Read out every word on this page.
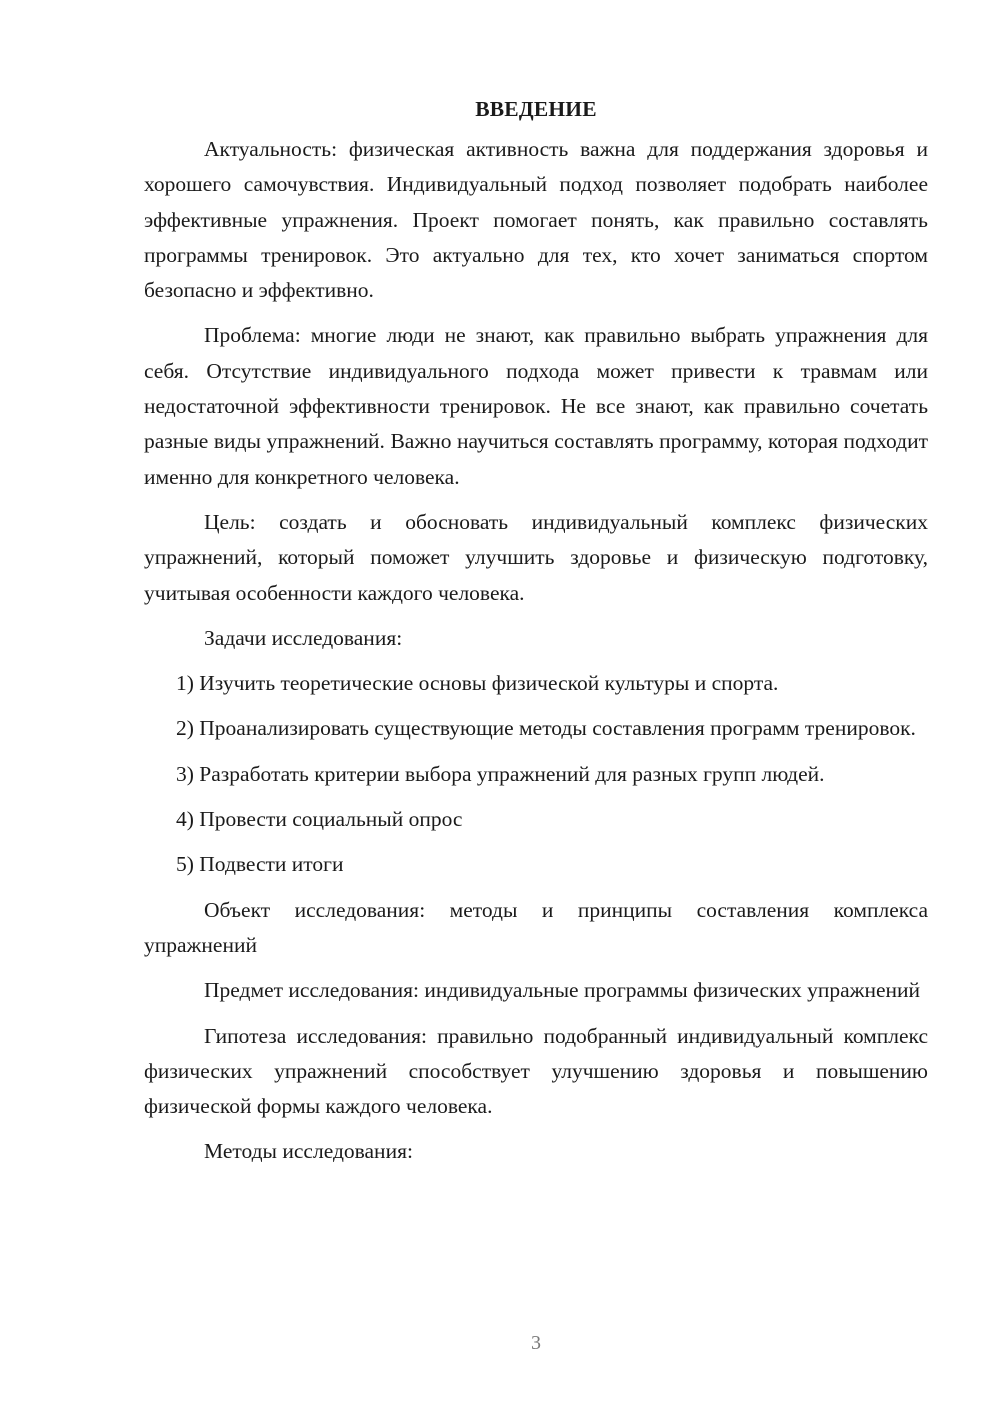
ВВЕДЕНИЕ

Актуальность: физическая активность важна для поддержания здоровья и хорошего самочувствия. Индивидуальный подход позволяет подобрать наиболее эффективные упражнения. Проект помогает понять, как правильно составлять программы тренировок. Это актуально для тех, кто хочет заниматься спортом безопасно и эффективно.

Проблема: многие люди не знают, как правильно выбрать упражнения для себя. Отсутствие индивидуального подхода может привести к травмам или недостаточной эффективности тренировок. Не все знают, как правильно сочетать разные виды упражнений. Важно научиться составлять программу, которая подходит именно для конкретного человека.

Цель: создать и обосновать индивидуальный комплекс физических упражнений, который поможет улучшить здоровье и физическую подготовку, учитывая особенности каждого человека.

Задачи исследования:

1) Изучить теоретические основы физической культуры и спорта.

2) Проанализировать существующие методы составления программ тренировок.

3) Разработать критерии выбора упражнений для разных групп людей.

4) Провести социальный опрос

5) Подвести итоги

Объект исследования: методы и принципы составления комплекса упражнений

Предмет исследования: индивидуальные программы физических упражнений

Гипотеза исследования: правильно подобранный индивидуальный комплекс физических упражнений способствует улучшению здоровья и повышению физической формы каждого человека.

Методы исследования:

3
